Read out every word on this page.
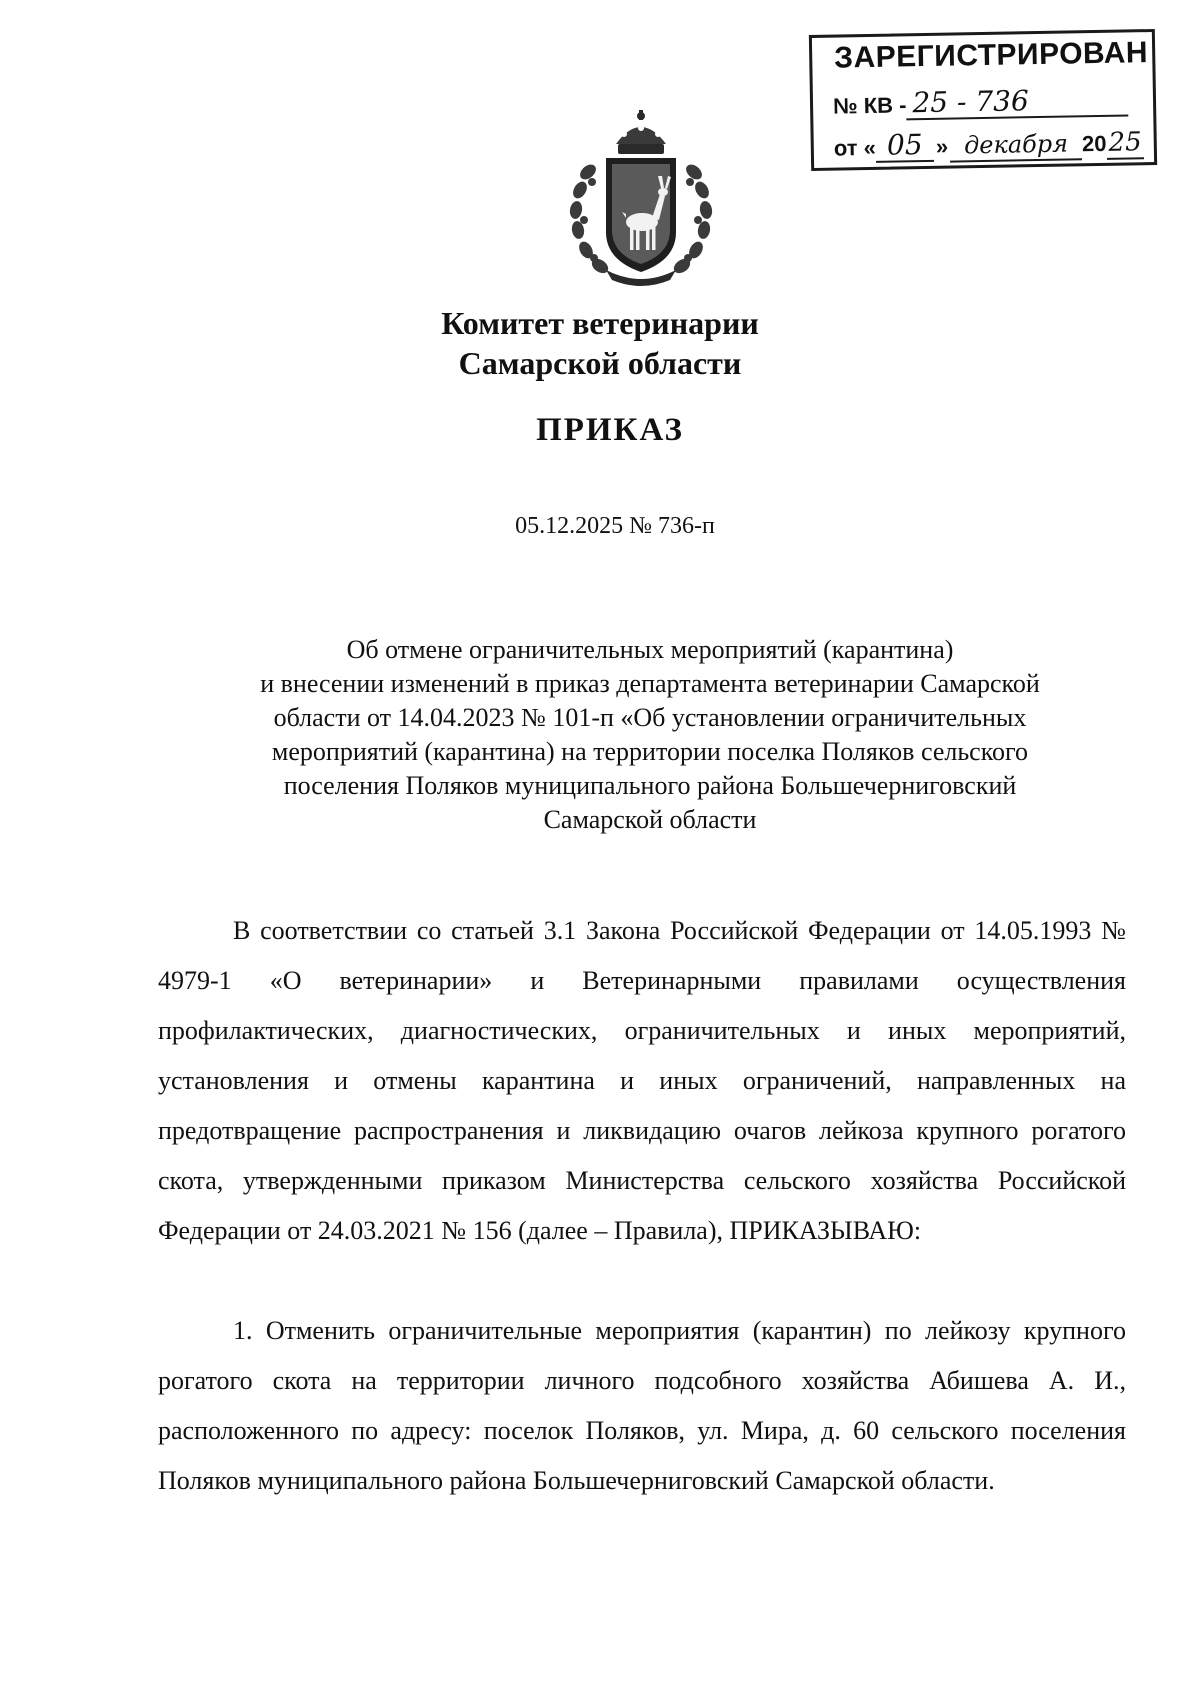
ЗАРЕГИСТРИРОВАН
№ КВ - 25 - 736
от « 05 » декабря 20 25
Комитет ветеринарии
Самарской области
ПРИКАЗ
05.12.2025 № 736-п
Об отмене ограничительных мероприятий (карантина)
и внесении изменений в приказ департамента ветеринарии Самарской
области от 14.04.2023 № 101-п «Об установлении ограничительных
мероприятий (карантина) на территории поселка Поляков сельского
поселения Поляков муниципального района Большечерниговский
Самарской области
В соответствии со статьей 3.1 Закона Российской Федерации от 14.05.1993 № 4979-1 «О ветеринарии» и Ветеринарными правилами осуществления профилактических, диагностических, ограничительных и иных мероприятий, установления и отмены карантина и иных ограничений, направленных на предотвращение распространения и ликвидацию очагов лейкоза крупного рогатого скота, утвержденными приказом Министерства сельского хозяйства Российской Федерации от 24.03.2021 № 156 (далее – Правила), ПРИКАЗЫВАЮ:
1. Отменить ограничительные мероприятия (карантин) по лейкозу крупного рогатого скота на территории личного подсобного хозяйства Абишева А. И., расположенного по адресу: поселок Поляков, ул. Мира, д. 60 сельского поселения Поляков муниципального района Большечерниговский Самарской области.
